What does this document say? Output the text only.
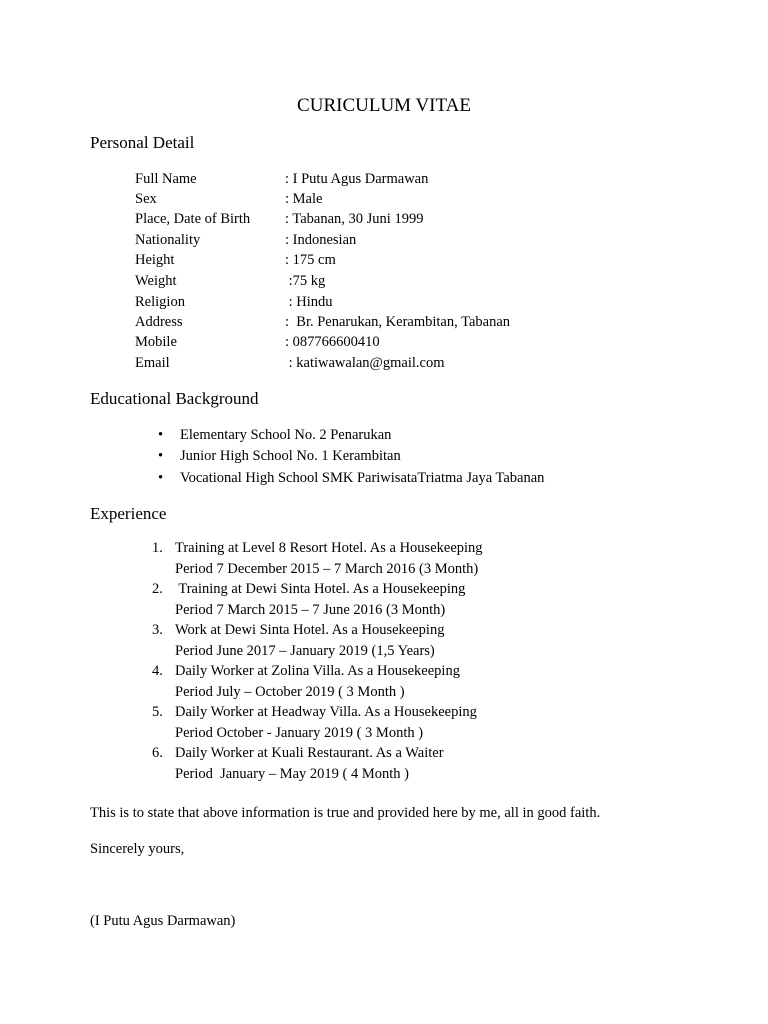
CURICULUM VITAE
Personal Detail
Full Name	: I Putu Agus Darmawan
Sex	: Male
Place, Date of Birth : Tabanan, 30 Juni 1999
Nationality	: Indonesian
Height	: 175 cm
Weight	:75 kg
Religion	: Hindu
Address	:  Br. Penarukan, Kerambitan, Tabanan
Mobile	: 087766600410
Email	: katiwawalan@gmail.com
Educational Background
• Elementary School No. 2 Penarukan
• Junior High School No. 1 Kerambitan
• Vocational High School SMK PariwisataTriatma Jaya Tabanan
Experience
1. Training at Level 8 Resort Hotel. As a Housekeeping
Period 7 December 2015 – 7 March 2016 (3 Month)
2. Training at Dewi Sinta Hotel. As a Housekeeping
Period 7 March 2015 – 7 June 2016 (3 Month)
3. Work at Dewi Sinta Hotel. As a Housekeeping
Period June 2017 – January 2019 (1,5 Years)
4. Daily Worker at Zolina Villa. As a Housekeeping
Period July – October 2019 ( 3 Month )
5. Daily Worker at Headway Villa. As a Housekeeping
Period October - January 2019 ( 3 Month )
6. Daily Worker at Kuali Restaurant. As a Waiter
Period  January – May 2019 ( 4 Month )
This is to state that above information is true and provided here by me, all in good faith.
Sincerely yours,
(I Putu Agus Darmawan)
